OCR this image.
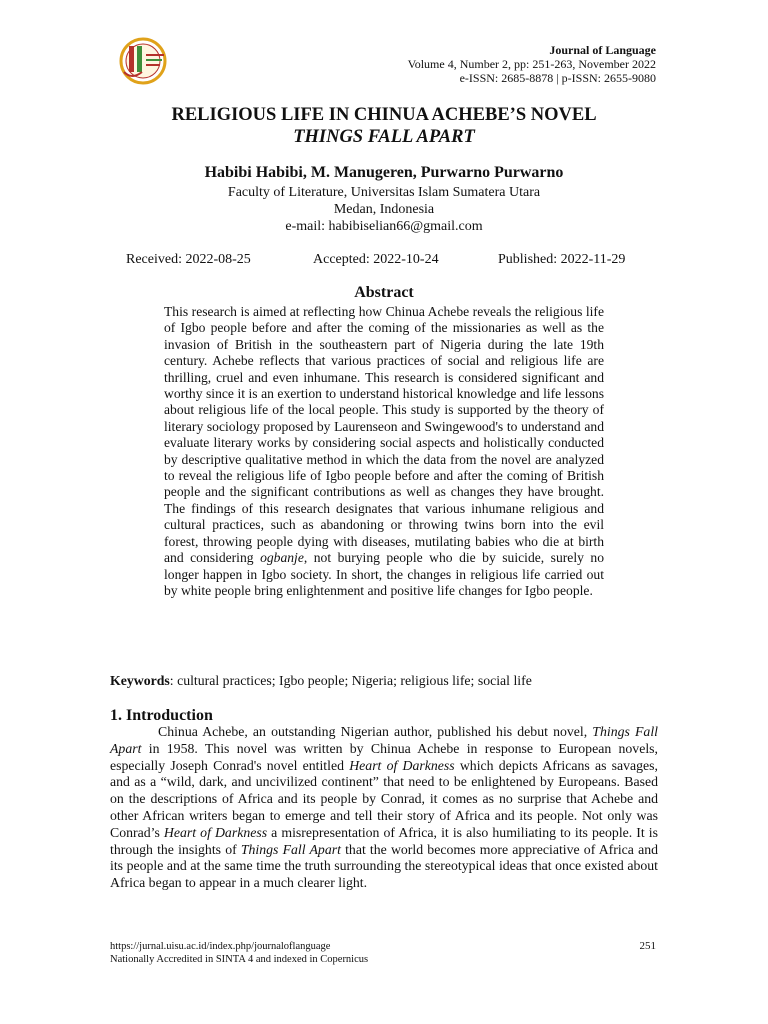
Journal of Language
Volume 4, Number 2, pp: 251-263, November 2022
e-ISSN: 2685-8878 | p-ISSN: 2655-9080
RELIGIOUS LIFE IN CHINUA ACHEBE’S NOVEL
THINGS FALL APART
Habibi Habibi, M. Manugeren, Purwarno Purwarno
Faculty of Literature, Universitas Islam Sumatera Utara
Medan, Indonesia
e-mail: habibiselian66@gmail.com
Received: 2022-08-25	Accepted: 2022-10-24	Published: 2022-11-29
Abstract

This research is aimed at reflecting how Chinua Achebe reveals the religious life of Igbo people before and after the coming of the missionaries as well as the invasion of British in the southeastern part of Nigeria during the late 19th century. Achebe reflects that various practices of social and religious life are thrilling, cruel and even inhumane. This research is considered significant and worthy since it is an exertion to understand historical knowledge and life lessons about religious life of the local people. This study is supported by the theory of literary sociology proposed by Laurenseon and Swingewood's to understand and evaluate literary works by considering social aspects and holistically conducted by descriptive qualitative method in which the data from the novel are analyzed to reveal the religious life of Igbo people before and after the coming of British people and the significant contributions as well as changes they have brought. The findings of this research designates that various inhumane religious and cultural practices, such as abandoning or throwing twins born into the evil forest, throwing people dying with diseases, mutilating babies who die at birth and considering ogbanje, not burying people who die by suicide, surely no longer happen in Igbo society. In short, the changes in religious life carried out by white people bring enlightenment and positive life changes for Igbo people.

Keywords: cultural practices; Igbo people; Nigeria; religious life; social life
1. Introduction

Chinua Achebe, an outstanding Nigerian author, published his debut novel, Things Fall Apart in 1958. This novel was written by Chinua Achebe in response to European novels, especially Joseph Conrad's novel entitled Heart of Darkness which depicts Africans as savages, and as a “wild, dark, and uncivilized continent” that need to be enlightened by Europeans. Based on the descriptions of Africa and its people by Conrad, it comes as no surprise that Achebe and other African writers began to emerge and tell their story of Africa and its people. Not only was Conrad’s Heart of Darkness a misrepresentation of Africa, it is also humiliating to its people. It is through the insights of Things Fall Apart that the world becomes more appreciative of Africa and its people and at the same time the truth surrounding the stereotypical ideas that once existed about Africa began to appear in a much clearer light.

https://jurnal.uisu.ac.id/index.php/journaloflanguage
Nationally Accredited in SINTA 4 and indexed in Copernicus
251
